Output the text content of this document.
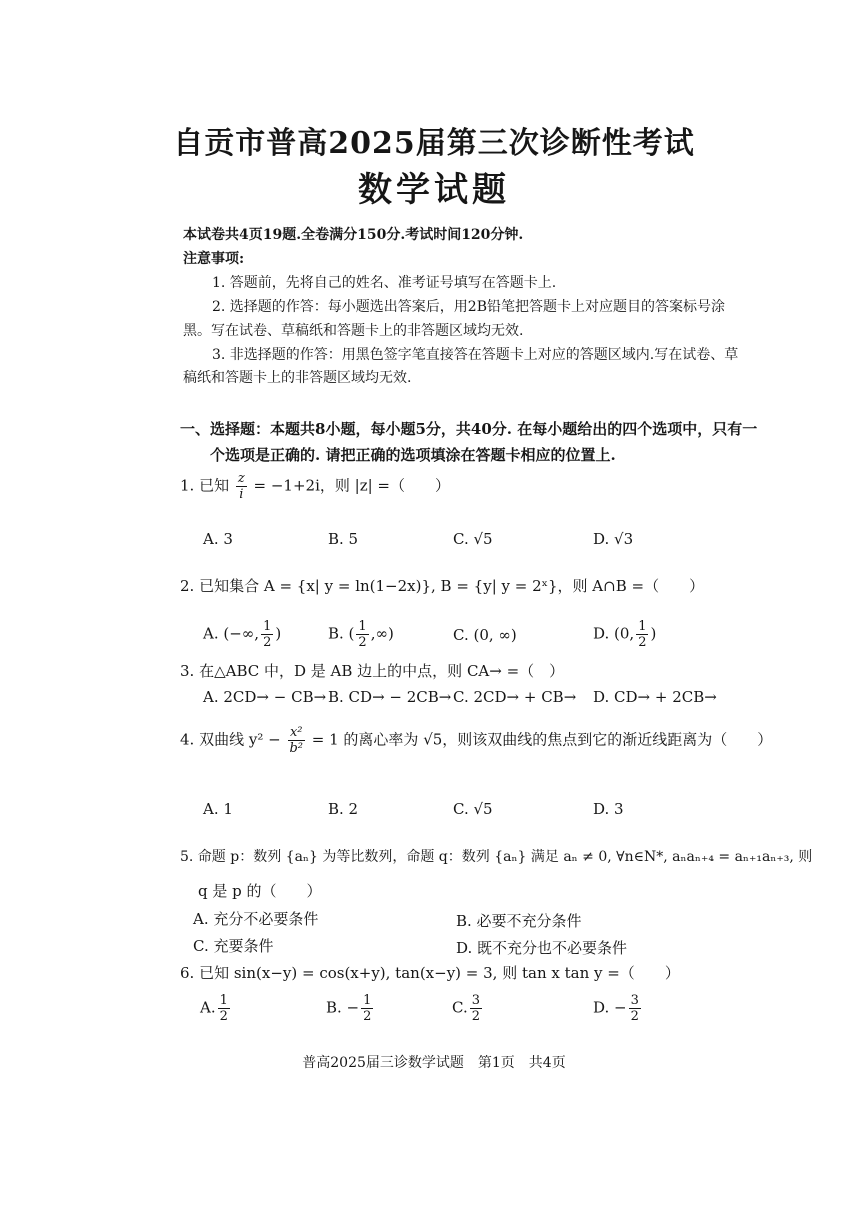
自贡市普高2025届第三次诊断性考试
数学试题
本试卷共4页19题.全卷满分150分.考试时间120分钟.
注意事项:
1. 答题前，先将自己的姓名、准考证号填写在答题卡上.
2. 选择题的作答：每小题选出答案后，用2B铅笔把答题卡上对应题目的答案标号涂
黑。写在试卷、草稿纸和答题卡上的非答题区域均无效.
3. 非选择题的作答：用黑色签字笔直接答在答题卡上对应的答题区域内.写在试卷、草
稿纸和答题卡上的非答题区域均无效.
一、选择题：本题共8小题，每小题5分，共40分. 在每小题给出的四个选项中，只有一
个选项是正确的. 请把正确的选项填涂在答题卡相应的位置上.
1. 已知 $\frac{z}{i} = -1+2i$，则 |z| =（　　）
A. 3	B. 5	C. √5	D. √3
2. 已知集合 A = {x| y = ln(1−2x)}, B = {y| y = 2ˣ}，则 A∩B =（　　）
A. (−∞, $\frac{1}{2}$ )	B. ( $\frac{1}{2}$ ,∞)	C. (0, ∞)	D. (0, $\frac{1}{2}$ )
3. 在△ABC 中，D 是 AB 边上的中点，则 CA→ =（　）
A. 2CD→ − CB→ B. CD→ − 2CB→ C. 2CD→ + CB→ D. CD→ + 2CB→
4. 双曲线 $y^2 - \frac{\text{x²}}{\text{b²}} = 1$ 的离心率为 √5，则该双曲线的焦点到它的渐近线距离为（　　）
A. 1	B. 2	C. √5	D. 3
5. 命题 p：数列 {aₙ} 为等比数列，命题 q：数列 {aₙ} 满足 aₙ ≠ 0, ∀n∈N*, aₙaₙ₊₄ = aₙ₊₁aₙ₊₃, 则
q 是 p 的（　　）
A. 充分不必要条件	B. 必要不充分条件
C. 充要条件	D. 既不充分也不必要条件
6. 已知 sin(x−y) = cos(x+y), tan(x−y) = 3, 则 tan x tan y =（　　）
A. $\frac{1}{2}$	B. − $\frac{1}{2}$	C. $\frac{3}{2}$	D. − $\frac{3}{2}$
普高2025届三诊数学试题　第1页　共4页
